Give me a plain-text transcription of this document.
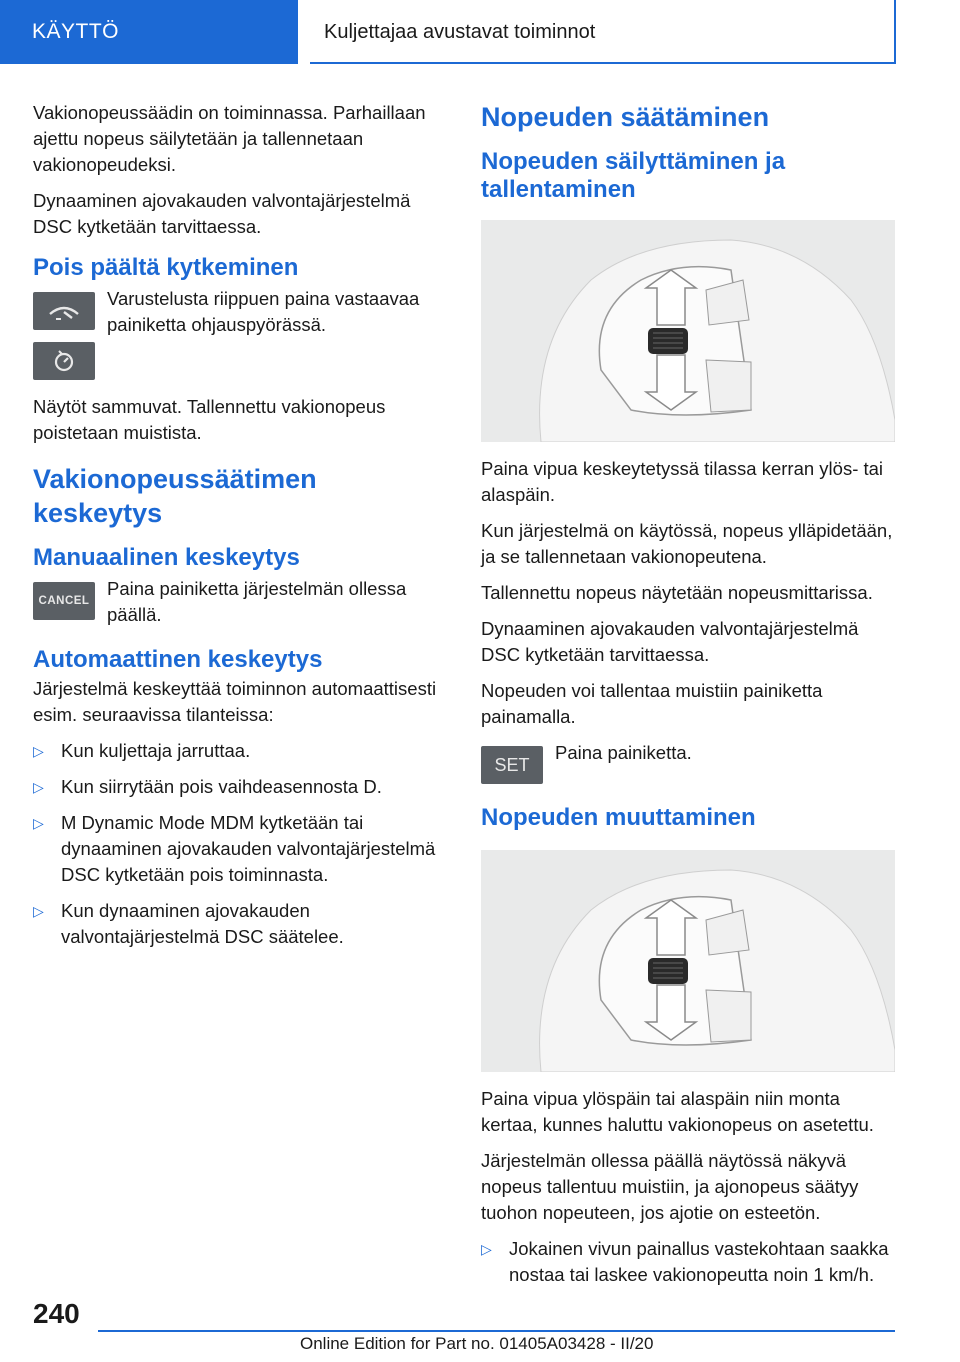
KÄYTTÖ	Kuljettajaa avustavat toiminnot

Vakionopeussäädin on toiminnassa. Parhaillaan ajettu nopeus säilytetään ja tallennetaan vakionopeudeksi.

Dynaaminen ajovakauden valvontajärjestelmä DSC kytketään tarvittaessa.

Pois päältä kytkeminen
Varustelusta riippuen paina vastaavaa painiketta ohjauspyörässä.

Näytöt sammuvat. Tallennettu vakionopeus poistetaan muistista.

Vakionopeussäätimen keskeytys
Manuaalinen keskeytys
CANCEL
Paina painiketta järjestelmän ollessa päällä.
Automaattinen keskeytys

Järjestelmä keskeyttää toiminnon automaattisesti esim. seuraavissa tilanteissa:

▷ Kun kuljettaja jarruttaa.
▷ Kun siirrytään pois vaihdeasennosta D.
▷ M Dynamic Mode MDM kytketään tai dynaaminen ajovakauden valvontajärjestelmä DSC kytketään pois toiminnasta.
▷ Kun dynaaminen ajovakauden valvontajärjestelmä DSC säätelee.
Nopeuden säätäminen
Nopeuden säilyttäminen ja tallentaminen

Paina vipua keskeytetyssä tilassa kerran ylös- tai alaspäin.

Kun järjestelmä on käytössä, nopeus ylläpidetään, ja se tallennetaan vakionopeutena.

Tallennettu nopeus näytetään nopeusmittarissa.

Dynaaminen ajovakauden valvontajärjestelmä DSC kytketään tarvittaessa.

Nopeuden voi tallentaa muistiin painiketta painamalla.

SET
Paina painiketta.
Nopeuden muuttaminen

Paina vipua ylöspäin tai alaspäin niin monta kertaa, kunnes haluttu vakionopeus on asetettu.

Järjestelmän ollessa päällä näytössä näkyvä nopeus tallentuu muistiin, ja ajonopeus säätyy tuohon nopeuteen, jos ajotie on esteetön.

▷ Jokainen vivun painallus vastekohtaan saakka nostaa tai laskee vakionopeutta noin 1 km/h.
240
Online Edition for Part no. 01405A03428 - II/20
